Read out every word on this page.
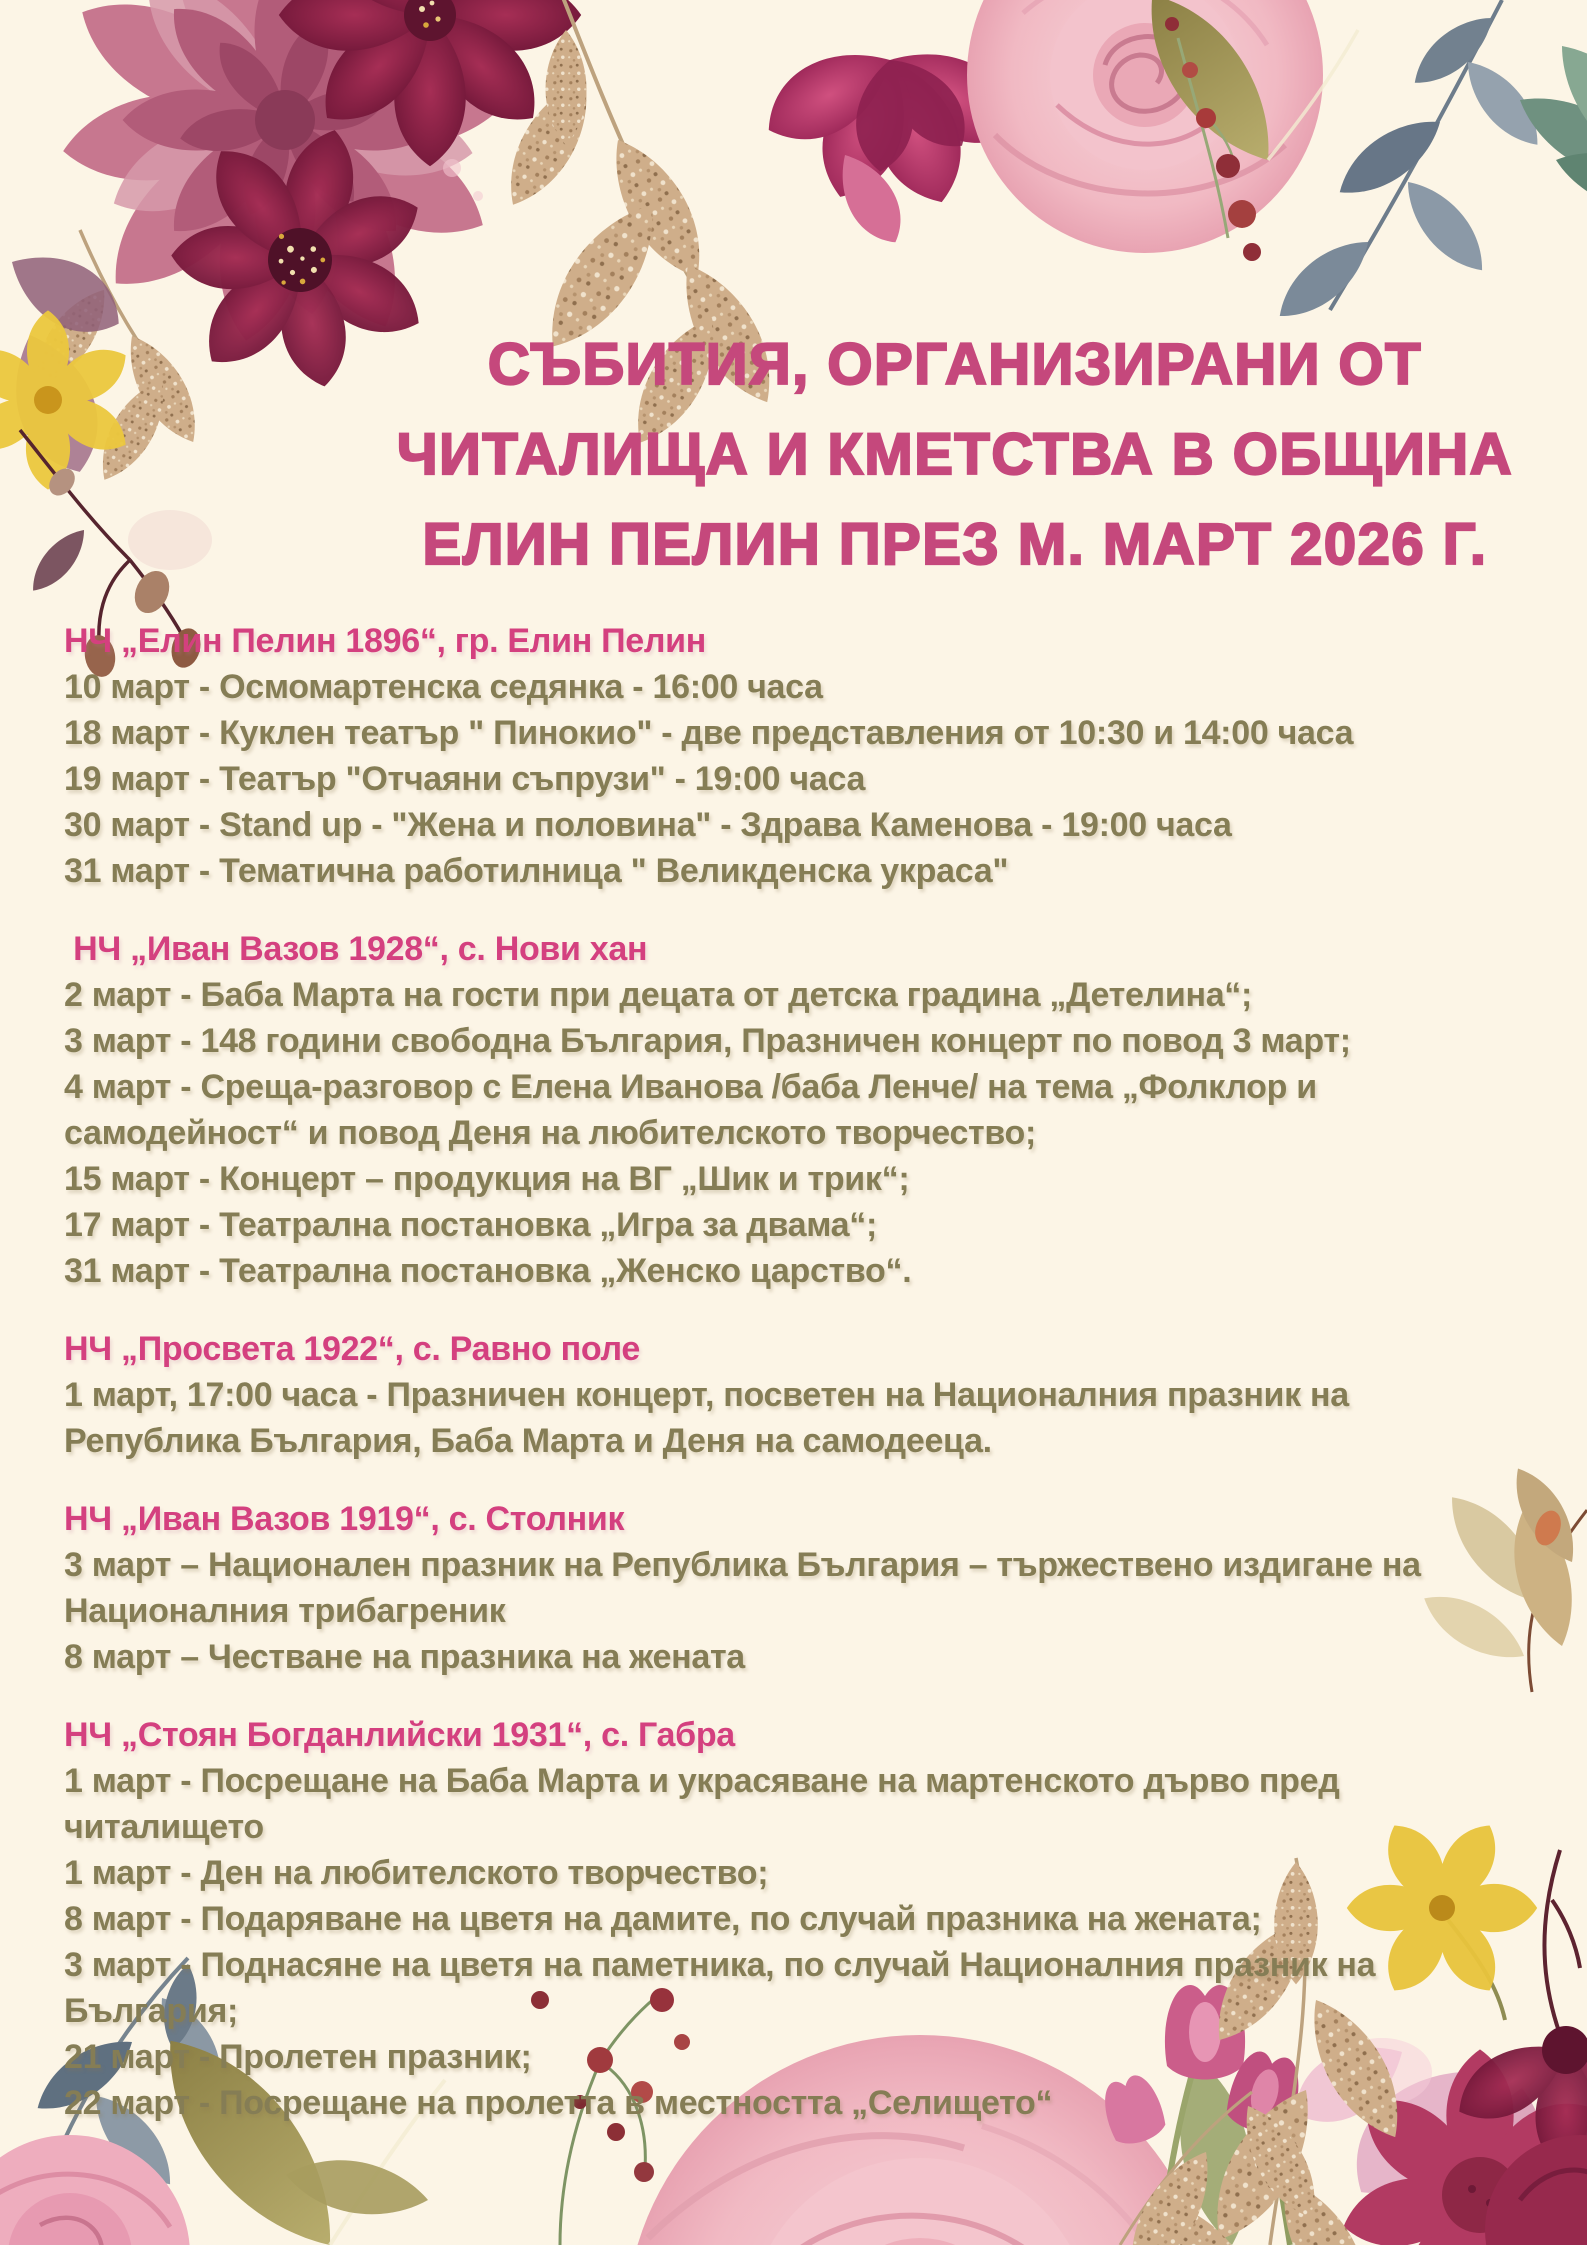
СЪБИТИЯ, ОРГАНИЗИРАНИ ОТ
ЧИТАЛИЩА И КМЕТСТВА В ОБЩИНА
ЕЛИН ПЕЛИН ПРЕЗ М. МАРТ 2026 Г.
НЧ „Елин Пелин 1896“, гр. Елин Пелин

10 март - Осмомартенска седянка - 16:00 часа

18 март - Куклен театър " Пинокио" - две представления от 10:30 и 14:00 часа

19 март - Театър "Отчаяни съпрузи" - 19:00 часа

30 март - Stand up - "Жена и половина" - Здрава Каменова - 19:00 часа

31 март - Тематична работилница " Великденска украса"

НЧ „Иван Вазов 1928“, с. Нови хан

2 март - Баба Марта на гости при децата от детска градина „Детелина“;

3 март - 148 години свободна България, Празничен концерт по повод 3 март;

4 март - Среща-разговор с Елена Иванова /баба Ленче/ на тема „Фолклор и

самодейност“ и повод Деня на любителското творчество;

15 март - Концерт – продукция на ВГ „Шик и трик“;

17 март - Театрална постановка „Игра за двама“;

31 март - Театрална постановка „Женско царство“.

НЧ „Просвета 1922“, с. Равно поле

1 март, 17:00 часа - Празничен концерт, посветен на Националния празник на

Република България, Баба Марта и Деня на самодееца.

НЧ „Иван Вазов 1919“, с. Столник

3 март – Национален празник на Република България – тържествено издигане на

Националния трибагреник

8 март – Честване на празника на жената

НЧ „Стоян Богданлийски 1931“, с. Габра

1 март - Посрещане на Баба Марта и украсяване на мартенското дърво пред

читалището

1 март - Ден на любителското творчество;

8 март - Подаряване на цветя на дамите, по случай празника на жената;

3 март - Поднасяне на цветя на паметника, по случай Националния празник на

България;

21 март - Пролетен празник;

22 март - Посрещане на пролетта в местността „Селището“
